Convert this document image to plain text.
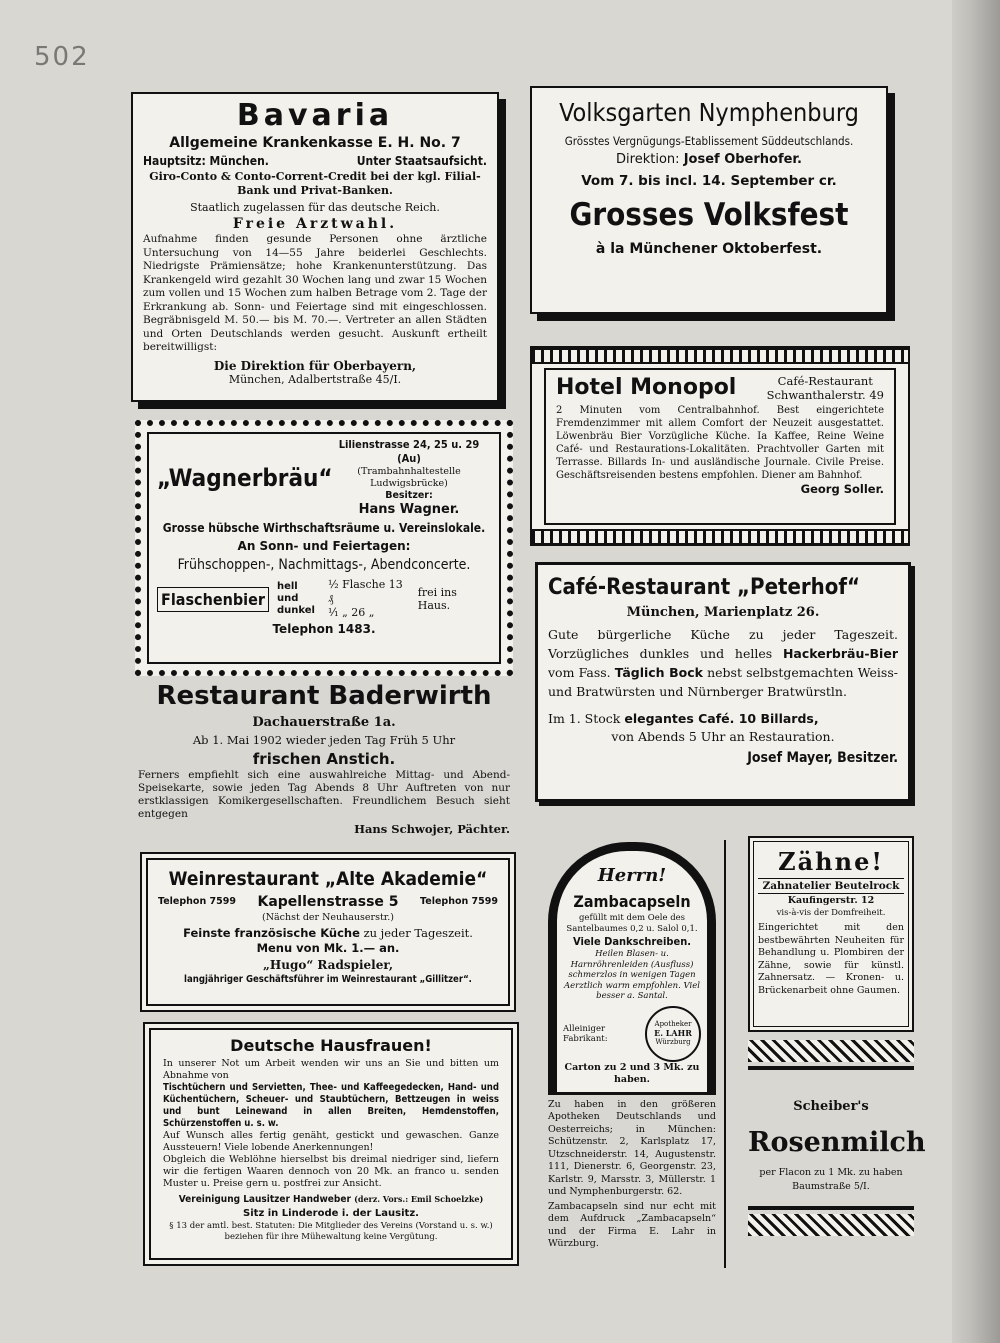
502
Bavaria
Allgemeine Krankenkasse E. H. No. 7
Hauptsitz: München.	Unter Staatsaufsicht.
Giro-Conto & Conto-Corrent-Credit bei der kgl. Filial-Bank und Privat-Banken.
Staatlich zugelassen für das deutsche Reich.
Freie Arztwahl.
Aufnahme finden gesunde Personen ohne ärztliche Untersuchung von 14—55 Jahre beiderlei Geschlechts. Niedrigste Prämiensätze; hohe Krankenunterstützung. Das Krankengeld wird gezahlt 30 Wochen lang und zwar 15 Wochen zum vollen und 15 Wochen zum halben Betrage vom 2. Tage der Erkrankung ab. Sonn- und Feiertage sind mit eingeschlossen. Begräbnisgeld M. 50.— bis M. 70.—. Vertreter an allen Städten und Orten Deutschlands werden gesucht. Auskunft ertheilt bereitwilligst:
Die Direktion für Oberbayern,
München, Adalbertstraße 45/I.
Volksgarten Nymphenburg
Grösstes Vergnügungs-Etablissement Süddeutschlands.
Direktion: Josef Oberhofer.
Vom 7. bis incl. 14. September cr.
Grosses Volksfest
à la Münchener Oktoberfest.
Hotel Monopol	Café-Restaurant
Schwanthalerstr. 49
2 Minuten vom Centralbahnhof. Best eingerichtete Fremdenzimmer mit allem Comfort der Neuzeit ausgestattet. Löwenbräu Bier Vorzügliche Küche. Ia Kaffee, Reine Weine Café- und Restaurations-Lokalitäten. Prachtvoller Garten mit Terrasse. Billards In- und ausländische Journale. Civile Preise. Geschäftsreisenden bestens empfohlen. Diener am Bahnhof.
Georg Soller.
„Wagnerbräu“
Lilienstrasse 24, 25 u. 29 (Au)
(Trambahnhaltestelle Ludwigsbrücke)
Besitzer:
Hans Wagner.
Grosse hübsche Wirthschaftsräume u. Vereinslokale.
An Sonn- und Feiertagen:
Frühschoppen-, Nachmittags-, Abendconcerte.
Flaschenbier
hell und dunkel
½ Flasche 13 ₰
¹⁄₁ „ 26 „
frei ins Haus.
Telephon 1483.
Café-Restaurant „Peterhof“
München, Marienplatz 26.
Gute bürgerliche Küche zu jeder Tageszeit. Vorzügliches dunkles und helles Hackerbräu-Bier vom Fass. Täglich Bock nebst selbstgemachten Weiss- und Bratwürsten und Nürnberger Bratwürstln.
Im 1. Stock elegantes Café. 10 Billards,
von Abends 5 Uhr an Restauration.
Josef Mayer, Besitzer.
Restaurant Baderwirth
Dachauerstraße 1a.
Ab 1. Mai 1902 wieder jeden Tag Früh 5 Uhr
frischen Anstich.
Ferners empfiehlt sich eine auswahlreiche Mittag- und Abend-Speisekarte, sowie jeden Tag Abends 8 Uhr Auftreten von nur erstklassigen Komikergesellschaften. Freundlichem Besuch sieht entgegen
Hans Schwojer, Pächter.
Weinrestaurant „Alte Akademie“
Telephon 7599 Kapellenstrasse 5 Telephon 7599
(Nächst der Neuhauserstr.)
Feinste französische Küche zu jeder Tageszeit.
Menu von Mk. 1.— an.
„Hugo“ Radspieler,
langjähriger Geschäftsführer im Weinrestaurant „Gillitzer“.
Herrn!
Zambacapseln
gefüllt mit dem Oele des Santelbaumes 0,2 u. Salol 0,1.
Viele Dankschreiben.
Heilen Blasen- u. Harnröhrenleiden (Ausfluss) schmerzlos in wenigen Tagen Aerztlich warm empfohlen. Viel besser a. Santal.
Alleiniger Fabrikant:
Apotheker
E. LAHR
Würzburg
Carton zu 2 und 3 Mk. zu haben.
Zu haben in den größeren Apotheken Deutschlands und Oesterreichs; in München: Schützenstr. 2, Karlsplatz 17, Utzschneiderstr. 14, Augustenstr. 111, Dienerstr. 6, Georgenstr. 23, Karlstr. 9, Marsstr. 3, Müllerstr. 1 und Nymphenburgerstr. 62.
Zambacapseln sind nur echt mit dem Aufdruck „Zambacapseln“ und der Firma E. Lahr in Würzburg.
Zähne!
Zahnatelier Beutelrock
Kaufingerstr. 12
vis-à-vis der Domfreiheit.
Eingerichtet mit den bestbewährten Neuheiten für Behandlung u. Plombiren der Zähne, sowie für künstl. Zahnersatz. — Kronen- u. Brückenarbeit ohne Gaumen.
Scheiber's
Rosenmilch
per Flacon zu 1 Mk. zu haben
Baumstraße 5/I.
Deutsche Hausfrauen!
In unserer Not um Arbeit wenden wir uns an Sie und bitten um Abnahme von
Tischtüchern und Servietten, Thee- und Kaffeegedecken, Hand- und Küchentüchern, Scheuer- und Staubtüchern, Bettzeugen in weiss und bunt Leinewand in allen Breiten, Hemdenstoffen, Schürzenstoffen u. s. w.
Auf Wunsch alles fertig genäht, gestickt und gewaschen. Ganze Aussteuern! Viele lobende Anerkennungen!
Obgleich die Weblöhne hierselbst bis dreimal niedriger sind, liefern wir die fertigen Waaren dennoch von 20 Mk. an franco u. senden Muster u. Preise gern u. postfrei zur Ansicht.
Vereinigung Lausitzer Handweber (derz. Vors.: Emil Schoelzke)
Sitz in Linderode i. der Lausitz.
§ 13 der amtl. best. Statuten: Die Mitglieder des Vereins (Vorstand u. s. w.) beziehen für ihre Mühewaltung keine Vergütung.
